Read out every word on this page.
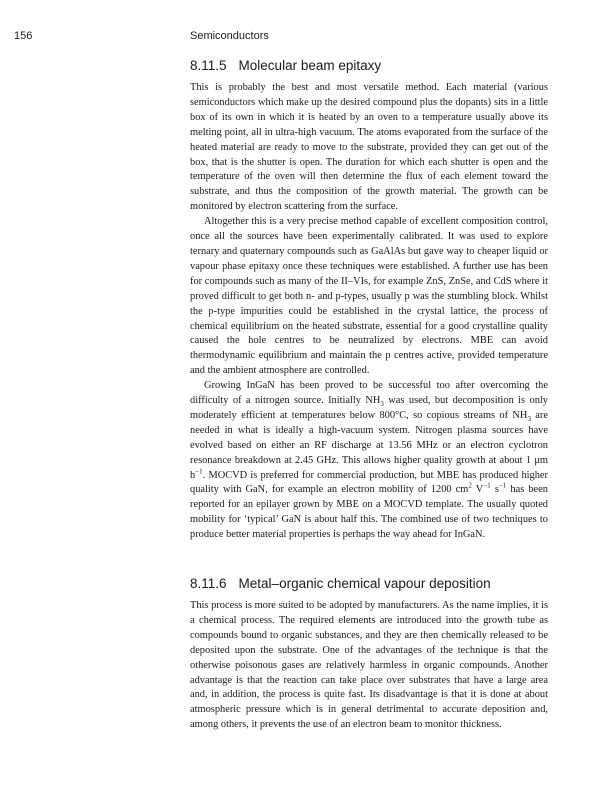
156	Semiconductors
8.11.5 Molecular beam epitaxy

This is probably the best and most versatile method. Each material (various semiconductors which make up the desired compound plus the dopants) sits in a little box of its own in which it is heated by an oven to a temperature usually above its melting point, all in ultra-high vacuum. The atoms evaporated from the surface of the heated material are ready to move to the substrate, provided they can get out of the box, that is the shutter is open. The duration for which each shutter is open and the temperature of the oven will then determine the flux of each element toward the substrate, and thus the composition of the growth material. The growth can be monitored by electron scattering from the surface.

Altogether this is a very precise method capable of excellent composition control, once all the sources have been experimentally calibrated. It was used to explore ternary and quaternary compounds such as GaAlAs but gave way to cheaper liquid or vapour phase epitaxy once these techniques were established. A further use has been for compounds such as many of the II–VIs, for example ZnS, ZnSe, and CdS where it proved difficult to get both n- and p-types, usually p was the stumbling block. Whilst the p-type impurities could be established in the crystal lattice, the process of chemical equilibrium on the heated substrate, essential for a good crystalline quality caused the hole centres to be neutralized by electrons. MBE can avoid thermodynamic equilibrium and maintain the p centres active, provided temperature and the ambient atmosphere are controlled.

Growing InGaN has been proved to be successful too after overcoming the difficulty of a nitrogen source. Initially $NH_3$ was used, but decomposition is only moderately efficient at temperatures below 800°C, so copious streams of $NH_3$ are needed in what is ideally a high-vacuum system. Nitrogen plasma sources have evolved based on either an RF discharge at 13.56 MHz or an electron cyclotron resonance breakdown at 2.45 GHz. This allows higher quality growth at about 1 μm $h^{-1}$. MOCVD is preferred for commercial production, but MBE has produced higher quality with GaN, for example an electron mobility of 1200 $cm^2$ $V^{-1}$ $s^{-1}$ has been reported for an epilayer grown by MBE on a MOCVD template. The usually quoted mobility for ‘typical’ GaN is about half this. The combined use of two techniques to produce better material properties is perhaps the way ahead for InGaN.

8.11.6 Metal–organic chemical vapour deposition

This process is more suited to be adopted by manufacturers. As the name implies, it is a chemical process. The required elements are introduced into the growth tube as compounds bound to organic substances, and they are then chemically released to be deposited upon the substrate. One of the advantages of the technique is that the otherwise poisonous gases are relatively harmless in organic compounds. Another advantage is that the reaction can take place over substrates that have a large area and, in addition, the process is quite fast. Its disadvantage is that it is done at about atmospheric pressure which is in general detrimental to accurate deposition and, among others, it prevents the use of an electron beam to monitor thickness.
